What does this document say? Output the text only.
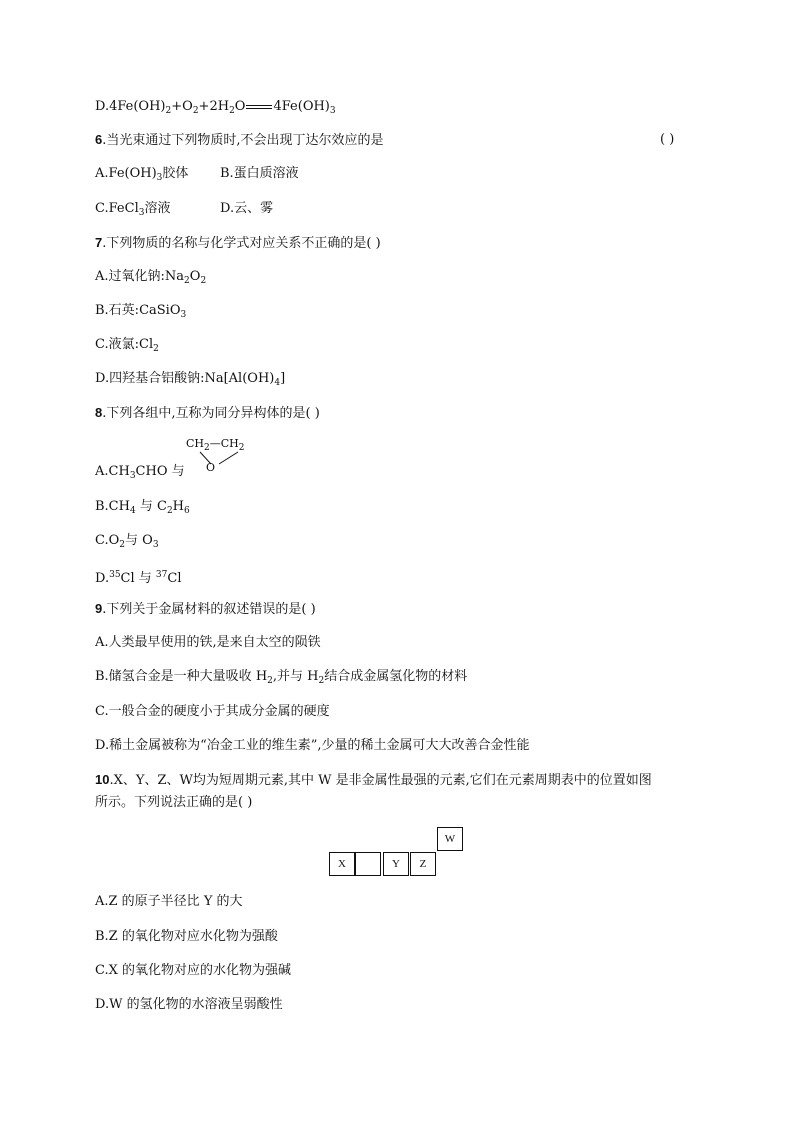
$D.4Fe(OH)_2+O_2+2H_2O$ $4Fe(OH)_3$
6.当光束通过下列物质时,不会出现丁达尔效应的是	( )
$A.Fe(OH)_3$胶体 B.蛋白质溶液
C.FeCl$_3$溶液	D.云、雾
7.下列物质的名称与化学式对应关系不正确的是( )
A.过氧化钠$:Na_2O_2$
B.石英:CaSiO$_3$
C.液氯$:Cl_2$
D.四羟基合铝酸钠$:Na[Al(OH)_4]$
8.下列各组中,互称为同分异构体的是( )
$A.CH_3CHO$ 与
$CH_2—CH_2$
O
$B.CH_4$ 与 $C_2H_6$
$C.O_2$与 $O_3$
D.$^{35}$Cl 与 $^{37}$Cl
9.下列关于金属材料的叙述错误的是( )
A.人类最早使用的铁,是来自太空的陨铁
B.储氢合金是一种大量吸收 $H_2$,并与 $H_2$结合成金属氢化物的材料
C.一般合金的硬度小于其成分金属的硬度
D.稀土金属被称为“冶金工业的维生素”,少量的稀土金属可大大改善合金性能
10.X、Y、Z、W均为短周期元素,其中 W 是非金属性最强的元素,它们在元素周期表中的位置如图
所示。下列说法正确的是( )
W
X	Y	Z
A.Z 的原子半径比 Y 的大
B.Z 的氧化物对应水化物为强酸
C.X 的氧化物对应的水化物为强碱
D.W 的氢化物的水溶液呈弱酸性
